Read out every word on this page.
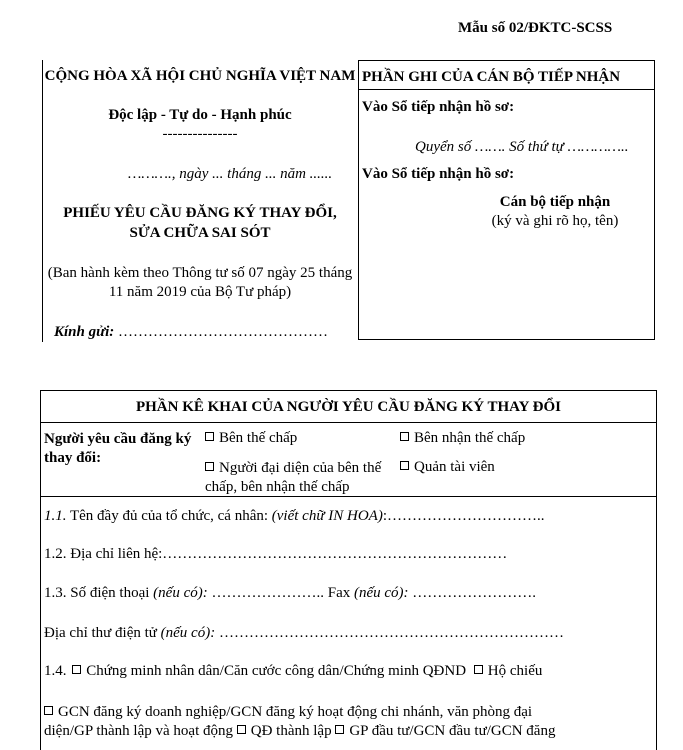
Mẫu số 02/ĐKTC-SCSS
CỘNG HÒA XÃ HỘI CHỦ NGHĨA VIỆT NAM
Độc lập - Tự do - Hạnh phúc
---------------
………., ngày ... tháng ... năm ......
PHIẾU YÊU CẦU ĐĂNG KÝ THAY ĐỔI,
SỬA CHỮA SAI SÓT
(Ban hành kèm theo Thông tư số 07 ngày 25 tháng 11 năm 2019 của Bộ Tư pháp)
Kính gửi: ……………………………………
PHẦN GHI CỦA CÁN BỘ TIẾP NHẬN
Vào Sổ tiếp nhận hồ sơ:
Quyển số ……. Số thứ tự …………..
Vào Sổ tiếp nhận hồ sơ:
Cán bộ tiếp nhận
(ký và ghi rõ họ, tên)
PHẦN KÊ KHAI CỦA NGƯỜI YÊU CẦU ĐĂNG KÝ THAY ĐỔI
Người yêu cầu đăng ký thay đổi:
Bên thế chấp	Bên nhận thế chấp
Người đại diện của bên thế chấp, bên nhận thế chấp
Quản tài viên
1.1. Tên đầy đủ của tổ chức, cá nhân: (viết chữ IN HOA):…………………………..
1.2. Địa chỉ liên hệ:……………………………………………………………
1.3. Số điện thoại (nếu có): ………………….. Fax (nếu có): …………………….
Địa chỉ thư điện tử (nếu có): ……………………………………………………………
1.4. Chứng minh nhân dân/Căn cước công dân/Chứng minh QĐND Hộ chiếu
GCN đăng ký doanh nghiệp/GCN đăng ký hoạt động chi nhánh, văn phòng đại
diện/GP thành lập và hoạt động QĐ thành lập GP đầu tư/GCN đầu tư/GCN đăng
